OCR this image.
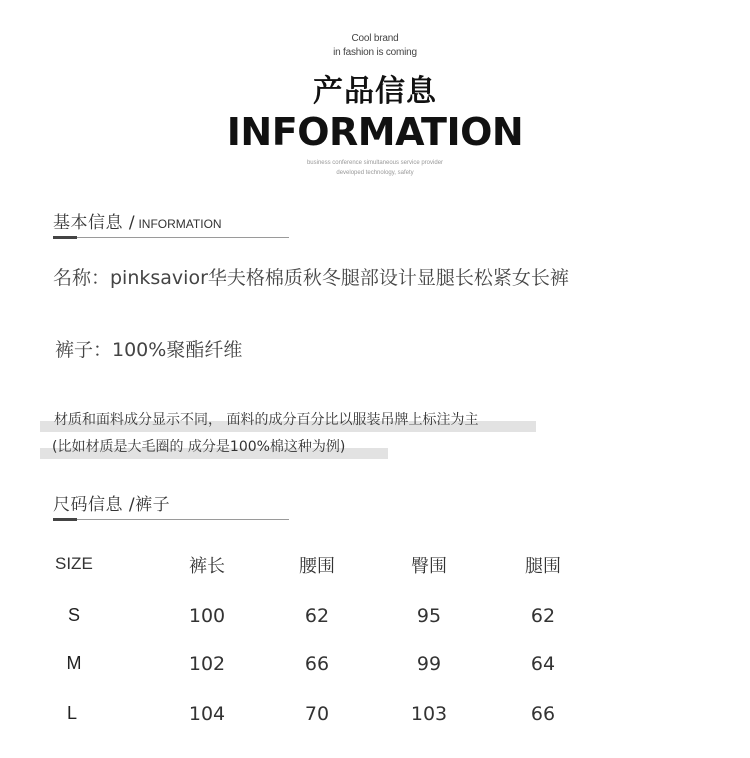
Cool brand
in fashion is coming
产品信息
INFORMATION
business conference simultaneous service provider
developed technology, safety
基本信息 / INFORMATION
名称：pinksavior华夫格棉质秋冬腿部设计显腿长松紧女长裤
裤子：100%聚酯纤维
材质和面料成分显示不同， 面料的成分百分比以服装吊牌上标注为主
(比如材质是大毛圈的 成分是100%棉这种为例)
尺码信息 /裤子
SIZE	裤长	腰围	臀围	腿围
S	100	62	95	62
M	102	66	99	64
L	104	70	103	66
